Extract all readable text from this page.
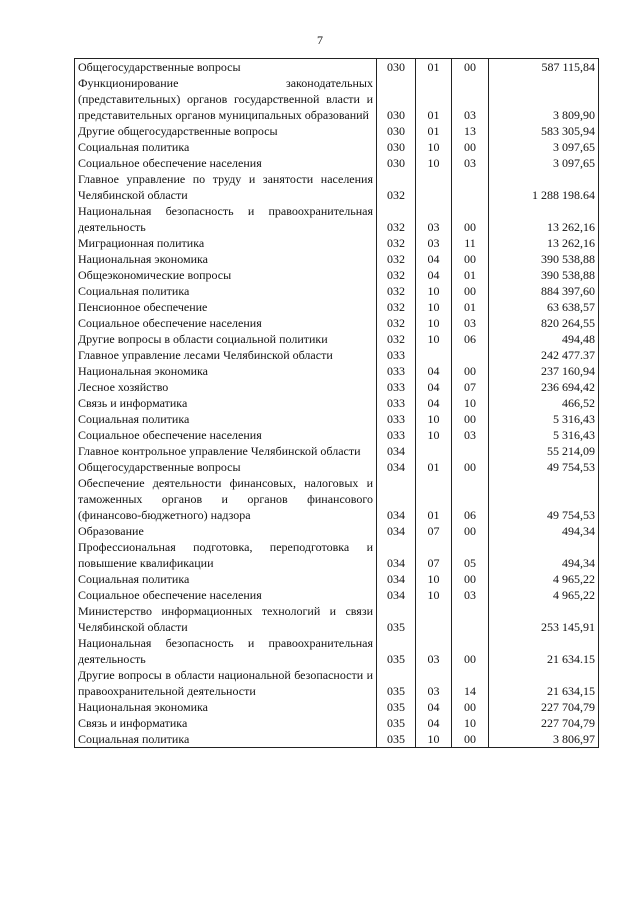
7
Общегосударственные вопросы	030	01	00	587 115,84
Функционирование законодательных (представительных) органов государственной власти и представительных органов муниципальных образований	030	01	03	3 809,90
Другие общегосударственные вопросы	030	01	13	583 305,94
Социальная политика	030	10	00	3 097,65
Социальное обеспечение населения	030	10	03	3 097,65
Главное управление по труду и занятости населения Челябинской области	032			1 288 198.64
Национальная безопасность и правоохранительная деятельность	032	03	00	13 262,16
Миграционная политика	032	03	11	13 262,16
Национальная экономика	032	04	00	390 538,88
Общеэкономические вопросы	032	04	01	390 538,88
Социальная политика	032	10	00	884 397,60
Пенсионное обеспечение	032	10	01	63 638,57
Социальное обеспечение населения	032	10	03	820 264,55
Другие вопросы в области социальной политики	032	10	06	494,48
Главное управление лесами Челябинской области	033			242 477.37
Национальная экономика	033	04	00	237 160,94
Лесное хозяйство	033	04	07	236 694,42
Связь и информатика	033	04	10	466,52
Социальная политика	033	10	00	5 316,43
Социальное обеспечение населения	033	10	03	5 316,43
Главное контрольное управление Челябинской области	034			55 214,09
Общегосударственные вопросы	034	01	00	49 754,53
Обеспечение деятельности финансовых, налоговых и таможенных органов и органов финансового (финансово-бюджетного) надзора	034	01	06	49 754,53
Образование	034	07	00	494,34
Профессиональная подготовка, переподготовка и повышение квалификации	034	07	05	494,34
Социальная политика	034	10	00	4 965,22
Социальное обеспечение населения	034	10	03	4 965,22
Министерство информационных технологий и связи Челябинской области	035			253 145,91
Национальная безопасность и правоохранительная деятельность	035	03	00	21 634.15
Другие вопросы в области национальной безопасности и правоохранительной деятельности	035	03	14	21 634,15
Национальная экономика	035	04	00	227 704,79
Связь и информатика	035	04	10	227 704,79
Социальная политика	035	10	00	3 806,97
